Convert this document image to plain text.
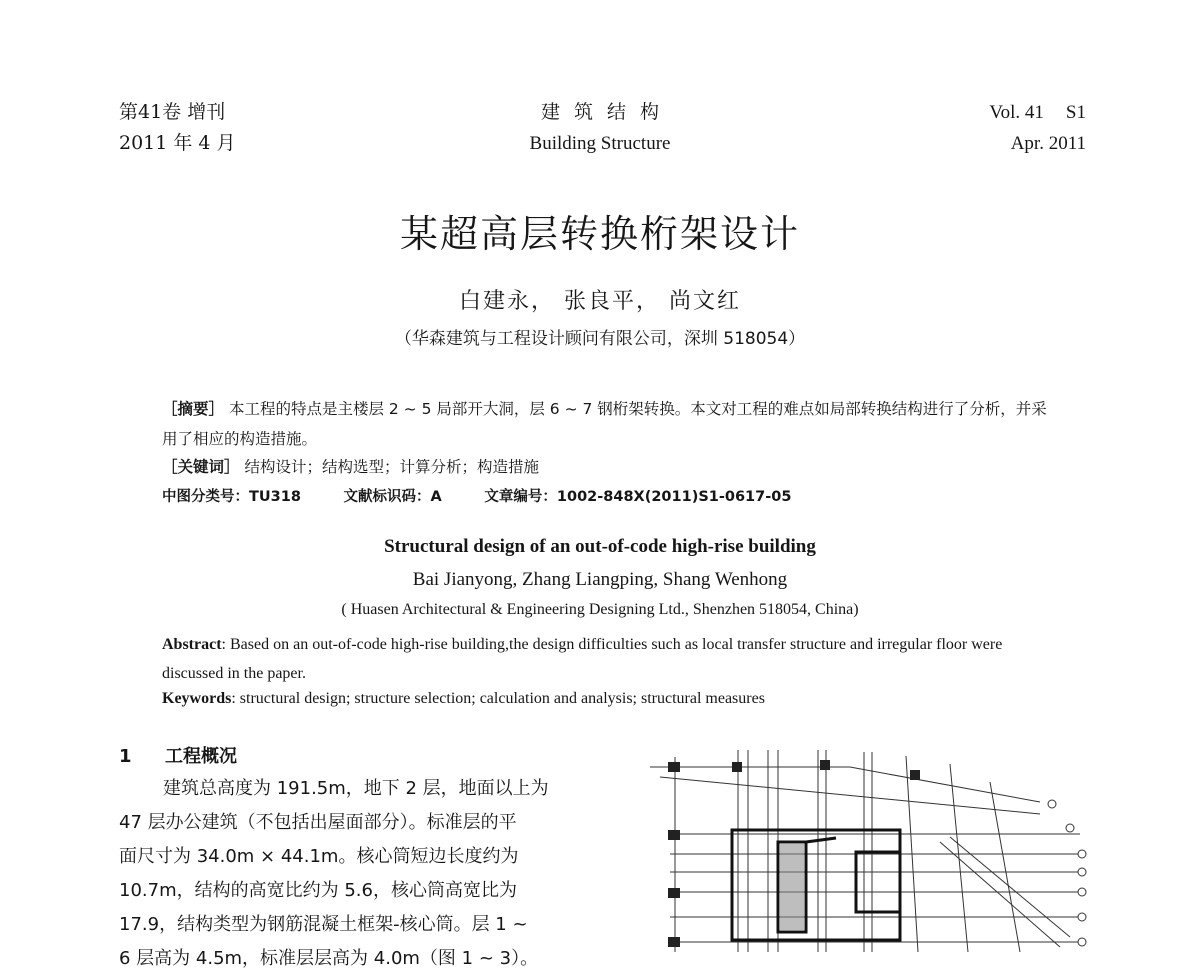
第41卷 增刊
2011 年 4 月
建筑结构
Building Structure
Vol. 41 S1
Apr. 2011
某超高层转换桁架设计
白建永， 张良平， 尚文红
（华森建筑与工程设计顾问有限公司，深圳 518054）
［摘要］ 本工程的特点是主楼层 2 ~ 5 局部开大洞，层 6 ~ 7 钢桁架转换。本文对工程的难点如局部转换结构进行了分析，并采用了相应的构造措施。
［关键词］ 结构设计；结构选型；计算分析；构造措施
中图分类号：TU318	文献标识码：A	文章编号：1002-848X(2011)S1-0617-05
Structural design of an out-of-code high-rise building
Bai Jianyong, Zhang Liangping, Shang Wenhong
( Huasen Architectural & Engineering Designing Ltd., Shenzhen 518054, China)
Abstract: Based on an out-of-code high-rise building,the design difficulties such as local transfer structure and irregular floor were discussed in the paper.
Keywords: structural design; structure selection; calculation and analysis; structural measures
1 工程概况
建筑总高度为 191.5m，地下 2 层，地面以上为
47 层办公建筑（不包括出屋面部分）。标准层的平
面尺寸为 34.0m × 44.1m。核心筒短边长度约为
10.7m，结构的高宽比约为 5.6，核心筒高宽比为
17.9，结构类型为钢筋混凝土框架-核心筒。层 1 ~
6 层高为 4.5m，标准层层高为 4.0m（图 1 ~ 3）。
